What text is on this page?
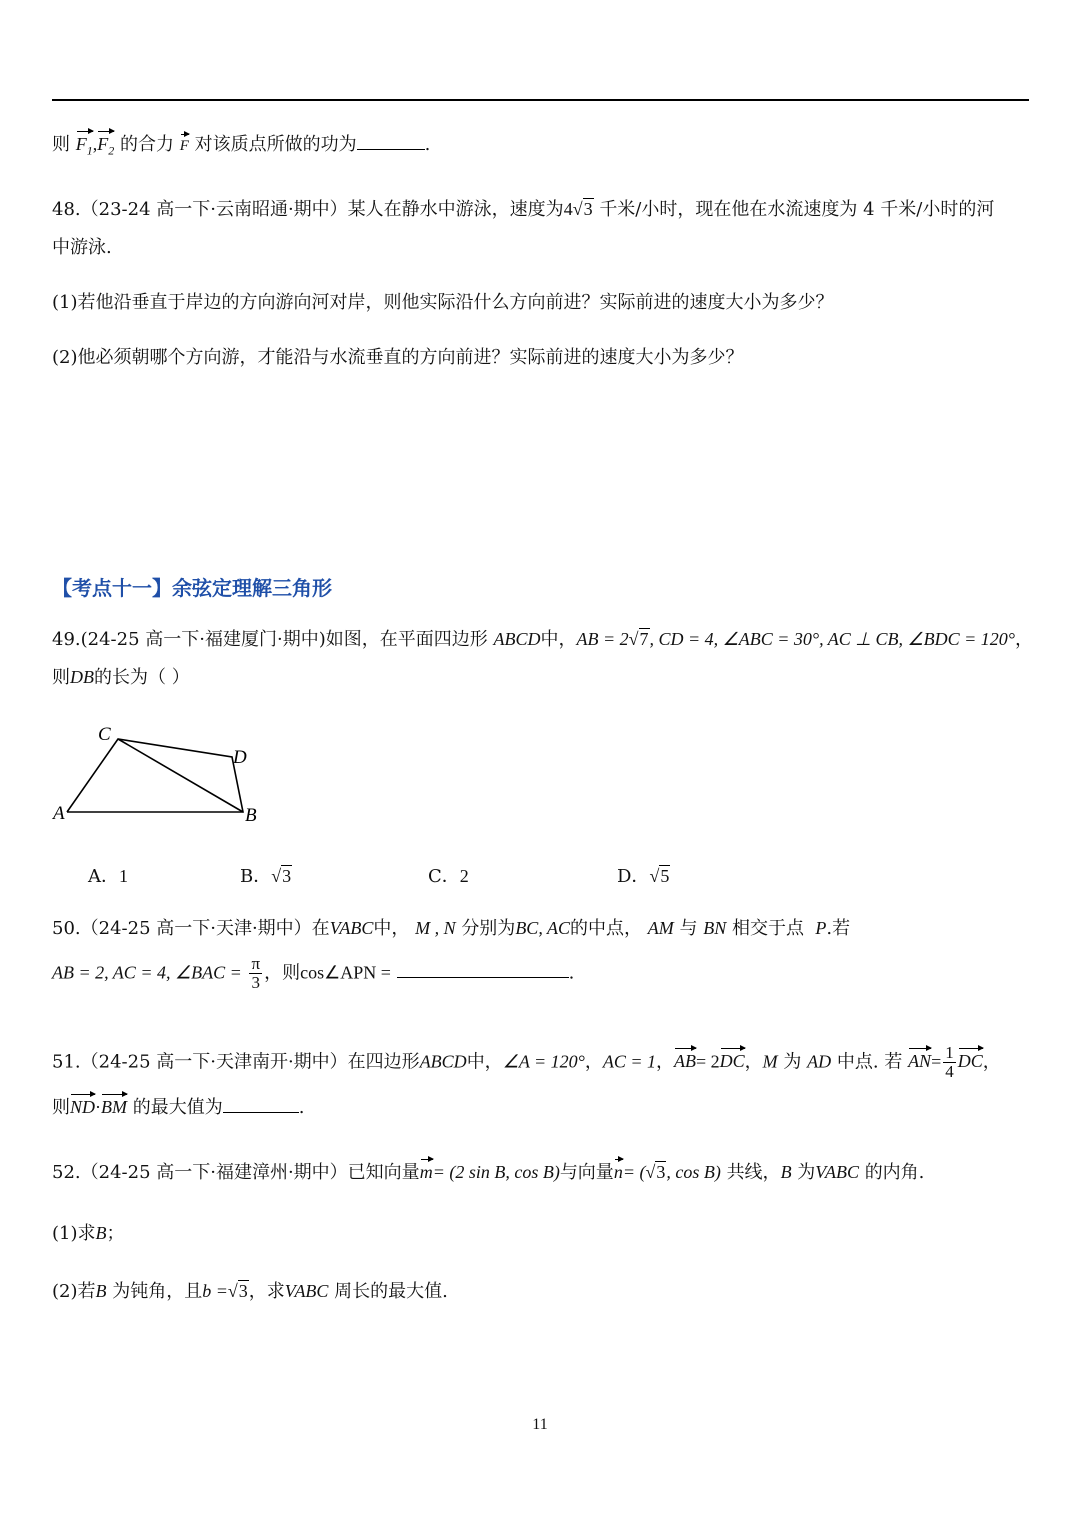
则 $F_1,F_2$ 的合力 F 对该质点所做的功为	.
48.（23-24 高一下·云南昭通·期中）某人在静水中游泳，速度为4√3 千米/小时，现在他在水流速度为 4 千米/小时的河
中游泳.
(1)若他沿垂直于岸边的方向游向河对岸，则他实际沿什么方向前进？实际前进的速度大小为多少？
(2)他必须朝哪个方向游，才能沿与水流垂直的方向前进？实际前进的速度大小为多少？
【考点十一】余弦定理解三角形
49.(24-25 高一下·福建厦门·期中)如图，在平面四边形 ABCD中，AB = 2√7, CD = 4, ∠ABC = 30°, AC ⊥ CB, ∠BDC = 120°，
则DB的长为（ ）
A	B
C
D
A．1	B．√3	C．2	D．√5
50.（24-25 高一下·天津·期中）在VABC中， M , N 分别为BC, AC的中点， AM 与 BN 相交于点 P.若
AB = 2, AC = 4, ∠BAC = $\frac{\pi}{3}$ ，则cos∠APN =	.
51.（24-25 高一下·天津南开·期中）在四边形ABCD中，∠A = 120°，AC = 1，AB= 2DC，M 为 AD 中点. 若 $AN= \frac{1}{4}$ DC，
则ND·BM 的最大值为	.
52.（24-25 高一下·福建漳州·期中）已知向量m= (2 sin B, cos B)与向量n= (√3, cos B) 共线，B 为VABC 的内角.
(1)求B；
(2)若B 为钝角，且b =√3，求VABC 周长的最大值.
11
